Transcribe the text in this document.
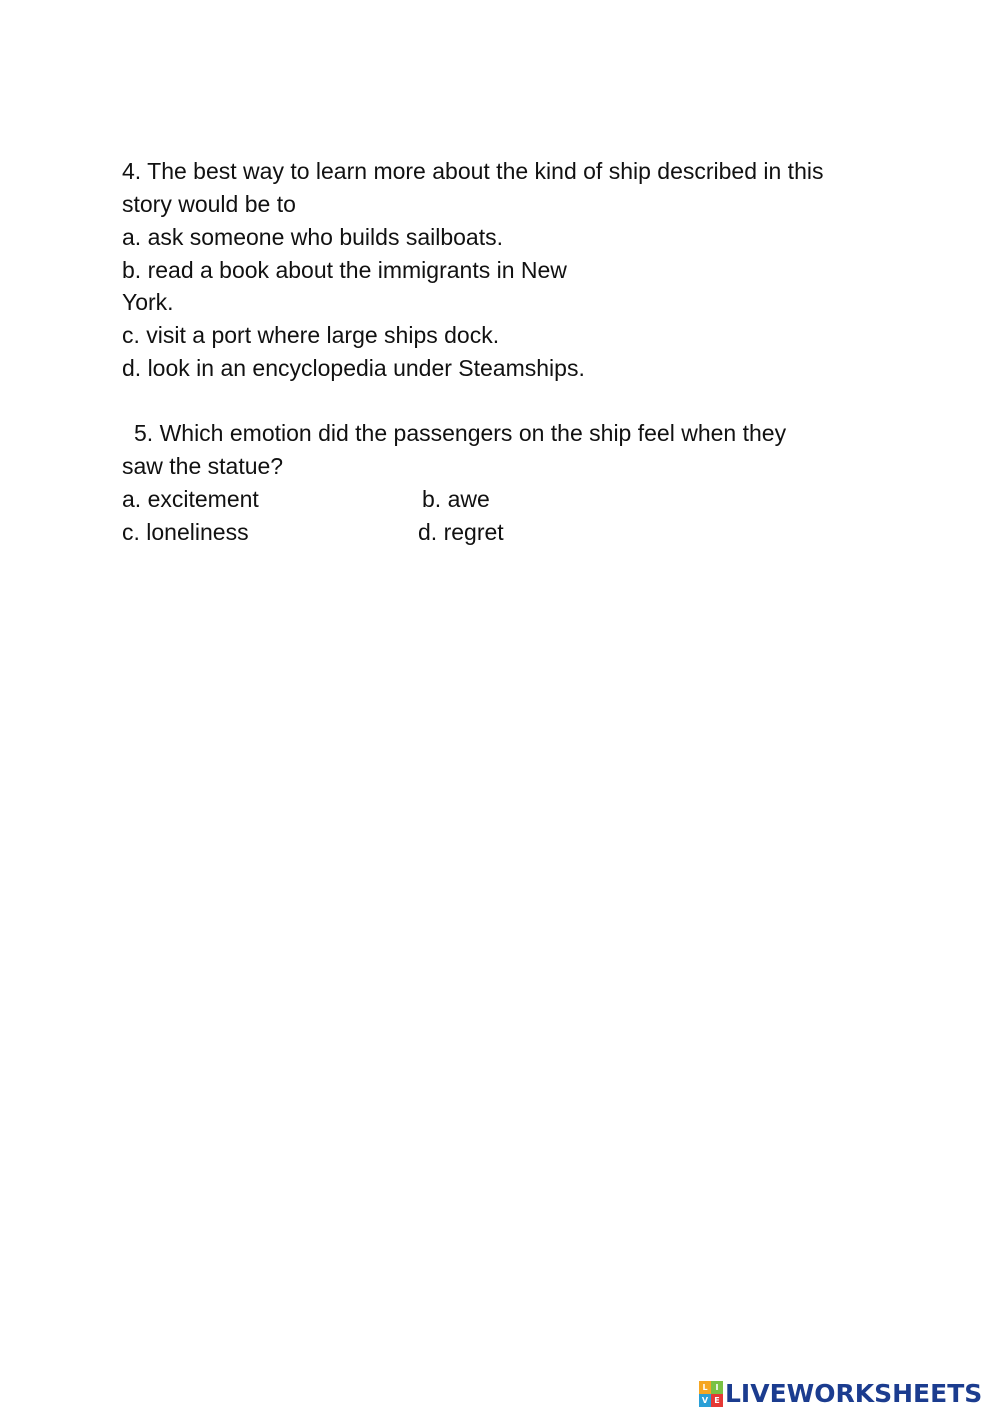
4. The best way to learn more about the kind of ship described in this
story would be to
a. ask someone who builds sailboats.
b. read a book about the immigrants in New
York.
c. visit a port where large ships dock.
d. look in an encyclopedia under Steamships.
5. Which emotion did the passengers on the ship feel when they
saw the statue?
a. excitement	b. awe
c. loneliness	d. regret
L I
V E LIVEWORKSHEETS
